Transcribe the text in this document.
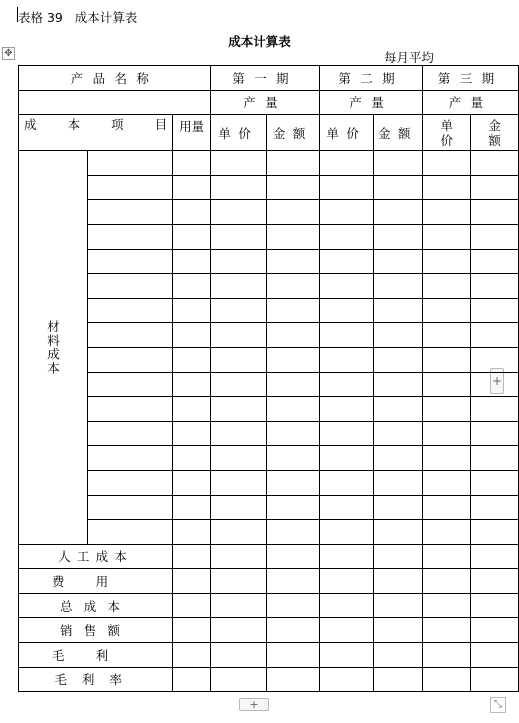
表格 39   成本计算表
成本计算表
每月平均
✥
+
+	⤡
产品名称			第一期		第二期		第三期	
			产量		产量		产量	
成本项目		用量	单价	金额	单价	金额	单价	金额
材料成本								

人工成本								
费用								
总成本								
销售额								
毛利								
毛利率								
